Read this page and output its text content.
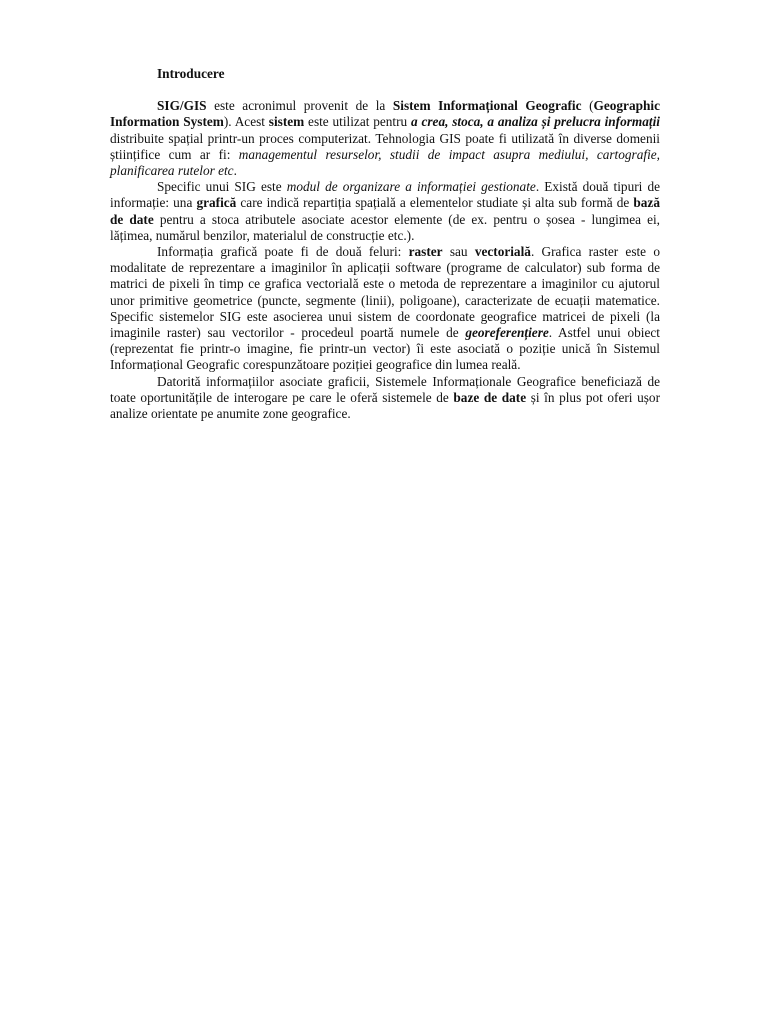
Introducere

SIG/GIS este acronimul provenit de la Sistem Informațional Geografic (Geographic Information System). Acest sistem este utilizat pentru a crea, stoca, a analiza și prelucra informații distribuite spațial printr-un proces computerizat. Tehnologia GIS poate fi utilizată în diverse domenii științifice cum ar fi: managementul resurselor, studii de impact asupra mediului, cartografie, planificarea rutelor etc.

Specific unui SIG este modul de organizare a informației gestionate. Există două tipuri de informație: una grafică care indică repartiția spațială a elementelor studiate și alta sub formă de bază de date pentru a stoca atributele asociate acestor elemente (de ex. pentru o șosea - lungimea ei, lățimea, numărul benzilor, materialul de construcție etc.).

Informația grafică poate fi de două feluri: raster sau vectorială. Grafica raster este o modalitate de reprezentare a imaginilor în aplicații software (programe de calculator) sub forma de matrici de pixeli în timp ce grafica vectorială este o metoda de reprezentare a imaginilor cu ajutorul unor primitive geometrice (puncte, segmente (linii), poligoane), caracterizate de ecuații matematice. Specific sistemelor SIG este asocierea unui sistem de coordonate geografice matricei de pixeli (la imaginile raster) sau vectorilor - procedeul poartă numele de georeferențiere. Astfel unui obiect (reprezentat fie printr-o imagine, fie printr-un vector) îi este asociată o poziție unică în Sistemul Informațional Geografic corespunzătoare poziției geografice din lumea reală.

Datorită informațiilor asociate graficii, Sistemele Informaționale Geografice beneficiază de toate oportunitățile de interogare pe care le oferă sistemele de baze de date și în plus pot oferi ușor analize orientate pe anumite zone geografice.
